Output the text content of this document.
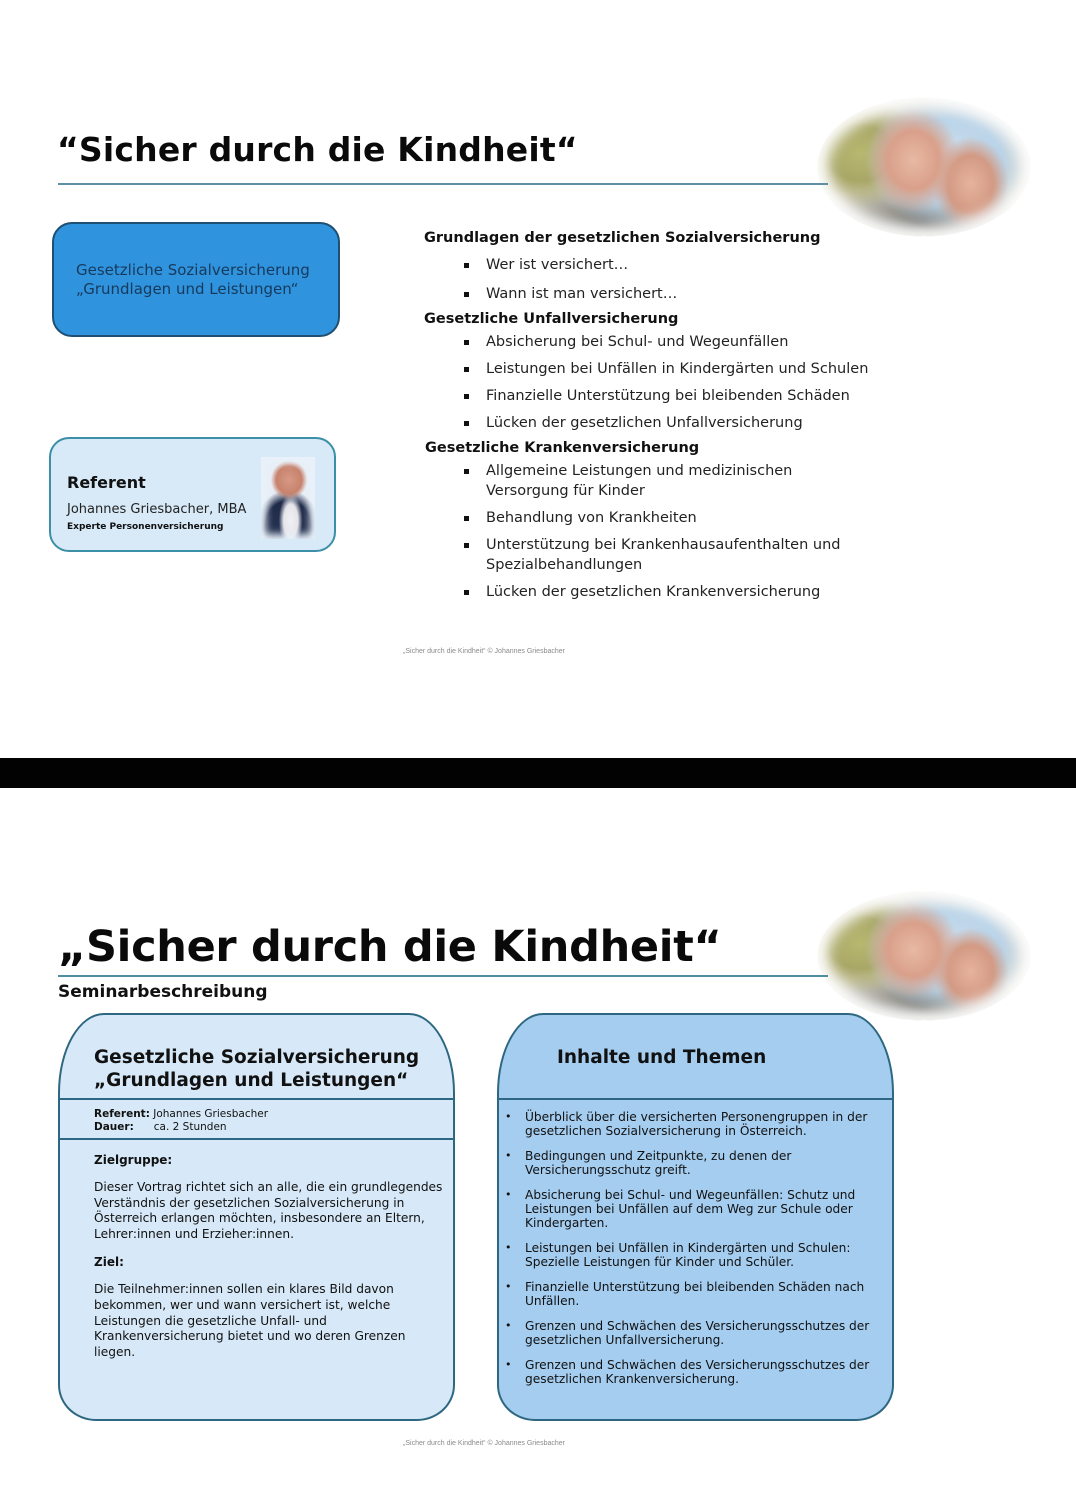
“Sicher durch die Kindheit“
Gesetzliche Sozialversicherung
„Grundlagen und Leistungen“
Referent
Johannes Griesbacher, MBA
Experte Personenversicherung
Grundlagen der gesetzlichen Sozialversicherung
Wer ist versichert…
Wann ist man versichert…
Gesetzliche Unfallversicherung
Absicherung bei Schul- und Wegeunfällen
Leistungen bei Unfällen in Kindergärten und Schulen
Finanzielle Unterstützung bei bleibenden Schäden
Lücken der gesetzlichen Unfallversicherung
Gesetzliche Krankenversicherung
Allgemeine Leistungen und medizinischen Versorgung für Kinder
Behandlung von Krankheiten
Unterstützung bei Krankenhausaufenthalten und Spezialbehandlungen
Lücken der gesetzlichen Krankenversicherung
„Sicher durch die Kindheit“ © Johannes Griesbacher
„Sicher durch die Kindheit“
Seminarbeschreibung
Gesetzliche Sozialversicherung
„Grundlagen und Leistungen“
Referent: Johannes Griesbacher
Dauer: ca. 2 Stunden
Zielgruppe:

Dieser Vortrag richtet sich an alle, die ein grundlegendes Verständnis der gesetzlichen Sozialversicherung in Österreich erlangen möchten, insbesondere an Eltern, Lehrer:innen und Erzieher:innen.

Ziel:

Die Teilnehmer:innen sollen ein klares Bild davon bekommen, wer und wann versichert ist, welche Leistungen die gesetzliche Unfall- und Krankenversicherung bietet und wo deren Grenzen liegen.

Inhalte und Themen
• Überblick über die versicherten Personengruppen in der gesetzlichen Sozialversicherung in Österreich.
• Bedingungen und Zeitpunkte, zu denen der Versicherungsschutz greift.
• Absicherung bei Schul- und Wegeunfällen: Schutz und Leistungen bei Unfällen auf dem Weg zur Schule oder Kindergarten.
• Leistungen bei Unfällen in Kindergärten und Schulen: Spezielle Leistungen für Kinder und Schüler.
• Finanzielle Unterstützung bei bleibenden Schäden nach Unfällen.
• Grenzen und Schwächen des Versicherungsschutzes der gesetzlichen Unfallversicherung.
• Grenzen und Schwächen des Versicherungsschutzes der gesetzlichen Krankenversicherung.
„Sicher durch die Kindheit“ © Johannes Griesbacher
